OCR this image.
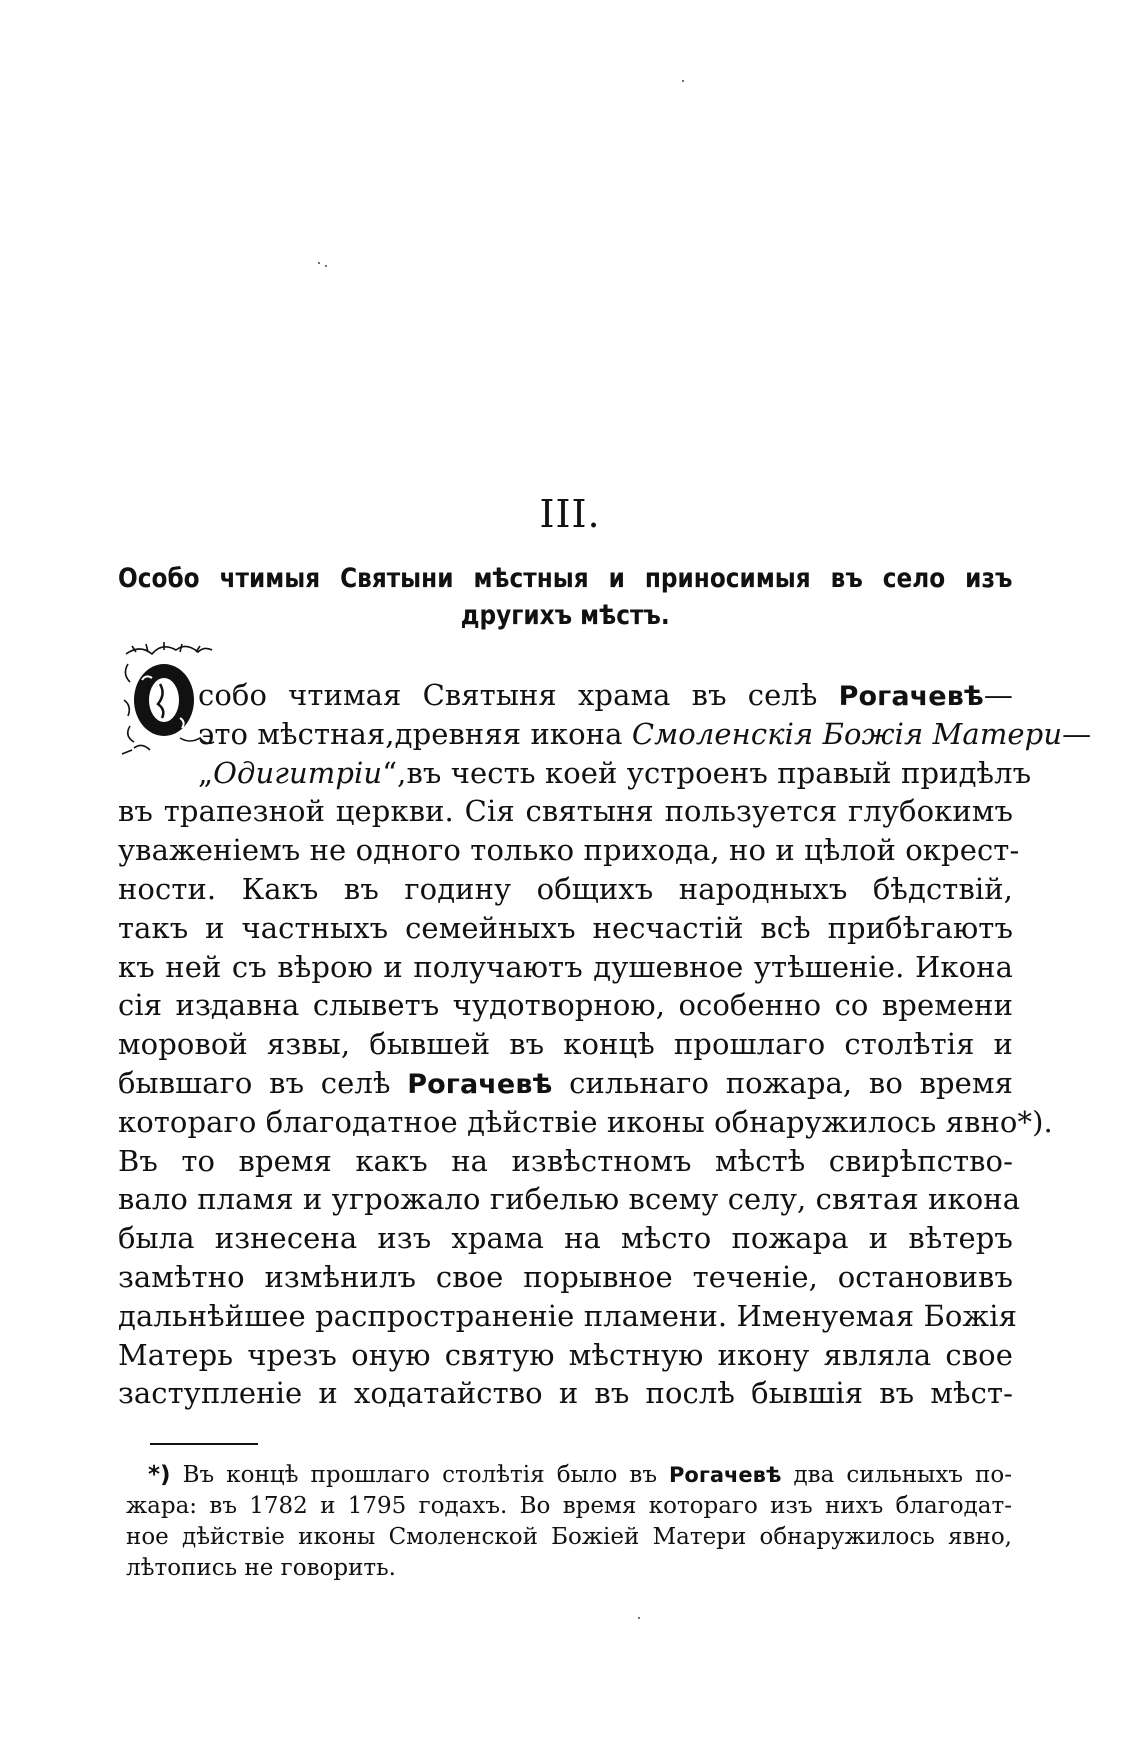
III.
Особо чтимыя Святыни мѣстныя и приносимыя въ село изъ
другихъ мѣстъ.
собо чтимая Святыня храма въ селѣ Рогачевѣ—
это мѣстная,древняя икона Смоленскія Божія Матери—
„Одигитріи“,въ честь коей устроенъ правый придѣлъ
въ трапезной церкви. Сія святыня пользуется глубокимъ
уваженіемъ не одного только прихода, но и цѣлой окрест-
ности. Какъ въ годину общихъ народныхъ бѣдствій,
такъ и частныхъ семейныхъ несчастій всѣ прибѣгаютъ
къ ней съ вѣрою и получаютъ душевное утѣшеніе. Икона
сія издавна слыветъ чудотворною, особенно со времени
моровой язвы, бывшей въ концѣ прошлаго столѣтія и
бывшаго въ селѣ Рогачевѣ сильнаго пожара, во время
котораго благодатное дѣйствіе иконы обнаружилось явно*).
Въ то время какъ на извѣстномъ мѣстѣ свирѣпство-
вало пламя и угрожало гибелью всему селу, святая икона
была изнесена изъ храма на мѣсто пожара и вѣтеръ
замѣтно измѣнилъ свое порывное теченіе, остановивъ
дальнѣйшее распространеніе пламени. Именуемая Божія
Матерь чрезъ оную святую мѣстную икону являла свое
заступленіе и ходатайство и въ послѣ бывшія въ мѣст-
*) Въ концѣ прошлаго столѣтія было въ Рогачевѣ два сильныхъ по-
жара: въ 1782 и 1795 годахъ. Во время котораго изъ нихъ благодат-
ное дѣйствіе иконы Смоленской Божіей Матери обнаружилось явно,
лѣтопись не говорить.
